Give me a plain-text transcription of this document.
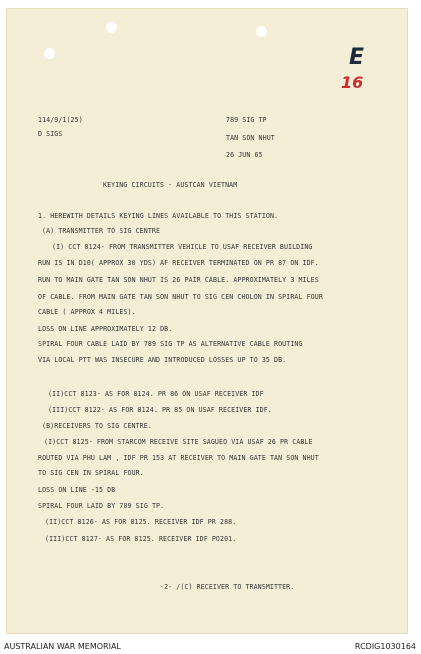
E
16
114/9/1(25)
D SIGS
789 SIG TP
TAN SON NHUT
26 JUN 65
KEYING CIRCUITS - AUSTCAN VIETNAM
1. HEREWITH DETAILS KEYING LINES AVAILABLE TO THIS STATION.
(A) TRANSMITTER TO SIG CENTRE
(I) CCT 8124- FROM TRANSMITTER VEHICLE TO USAF RECEIVER BUILDING
RUN IS IN D10( APPROX 30 YDS) AF RECEIVER TERMINATED ON PR 87 ON IDF.
RUN TO MAIN GATE TAN SON NHUT IS 26 PAIR CABLE. APPROXIMATELY 3 MILES
OF CABLE. FROM MAIN GATE TAN SON NHUT TO SIG CEN CHOLON IN SPIRAL FOUR
CABLE ( APPROX 4 MILES).
LOSS ON LINE APPROXIMATELY 12 DB.
SPIRAL FOUR CABLE LAID BY 789 SIG TP AS ALTERNATIVE CABLE ROUTING
VIA LOCAL PTT WAS INSECURE AND INTRODUCED LOSSES UP TO 35 DB.
(II)CCT 8123- AS FOR 8124. PR 86 ON USAF RECEIVER IDF
(III)CCT 8122- AS FOR 8124. PR 85 ON USAF RECEIVER IDF.
(B)RECEIVERS TO SIG CENTRE.
(I)CCT 8125- FROM STARCOM RECEIVE SITE SAGUEO VIA USAF 26 PR CABLE
ROUTED VIA PHU LAM , IDF PR 153 AT RECEIVER TO MAIN GATE TAN SON NHUT
TO SIG CEN IN SPIRAL FOUR.
LOSS ON LINE -15 DB
SPIRAL FOUR LAID BY 789 SIG TP.
(II)CCT 8126- AS FOR 8125. RECEIVER IDF PR 288.
(III)CCT 8127- AS FOR 8125. RECEIVER IDF PO201.
-2- /(C) RECEIVER TO TRANSMITTER.
AUSTRALIAN WAR MEMORIAL	RCDIG1030164
